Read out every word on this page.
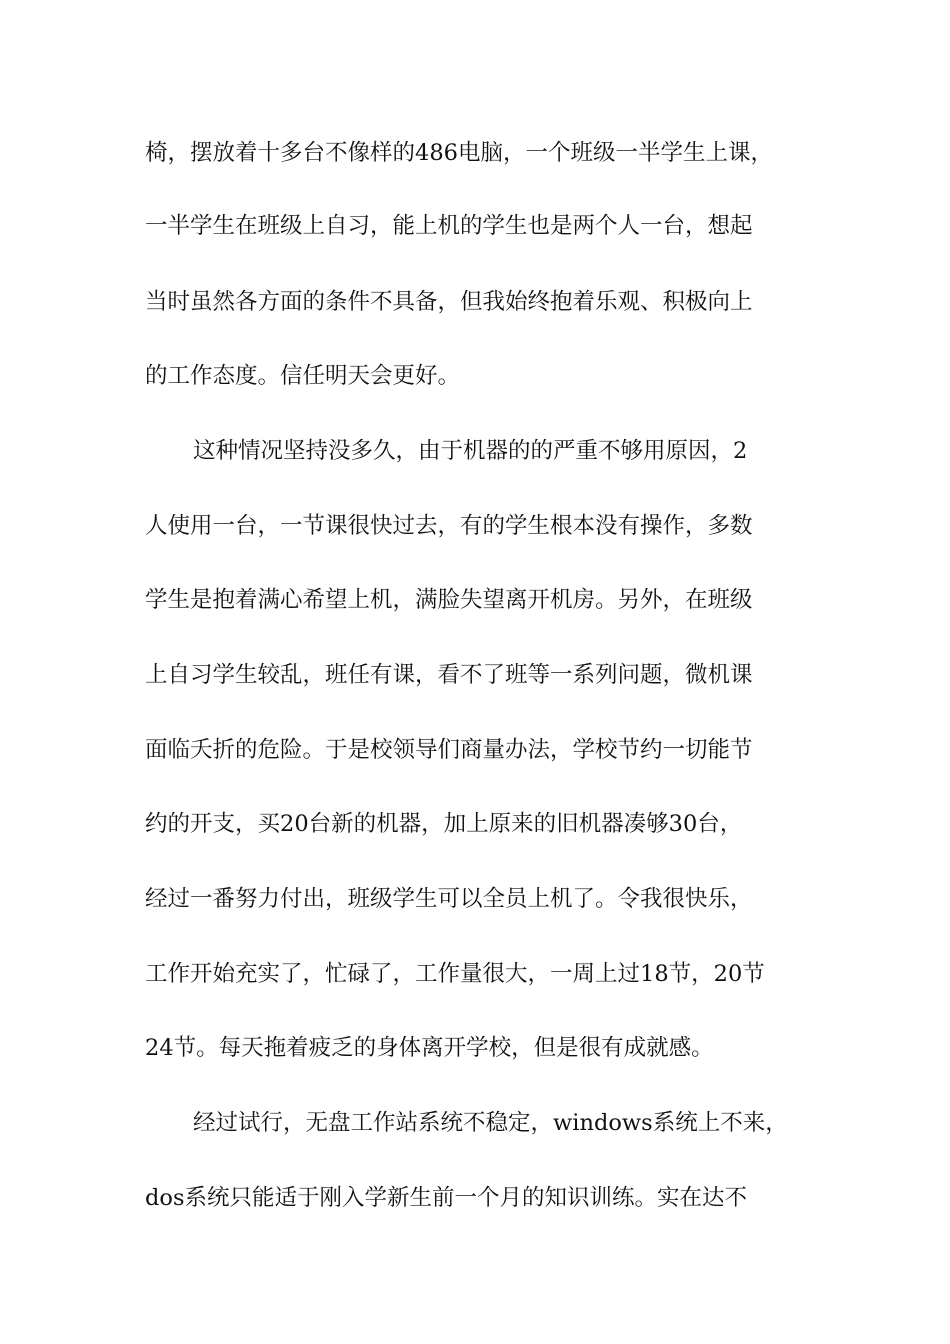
椅，摆放着十多台不像样的486电脑，一个班级一半学生上课，
一半学生在班级上自习，能上机的学生也是两个人一台，想起
当时虽然各方面的条件不具备，但我始终抱着乐观、积极向上
的工作态度。信任明天会更好。
这种情况坚持没多久，由于机器的的严重不够用原因，2
人使用一台，一节课很快过去，有的学生根本没有操作，多数
学生是抱着满心希望上机，满脸失望离开机房。另外，在班级
上自习学生较乱，班任有课，看不了班等一系列问题，微机课
面临夭折的危险。于是校领导们商量办法，学校节约一切能节
约的开支，买20台新的机器，加上原来的旧机器凑够30台，
经过一番努力付出，班级学生可以全员上机了。令我很快乐，
工作开始充实了，忙碌了，工作量很大，一周上过18节，20节
24节。每天拖着疲乏的身体离开学校，但是很有成就感。
经过试行，无盘工作站系统不稳定，windows系统上不来，
dos系统只能适于刚入学新生前一个月的知识训练。实在达不
